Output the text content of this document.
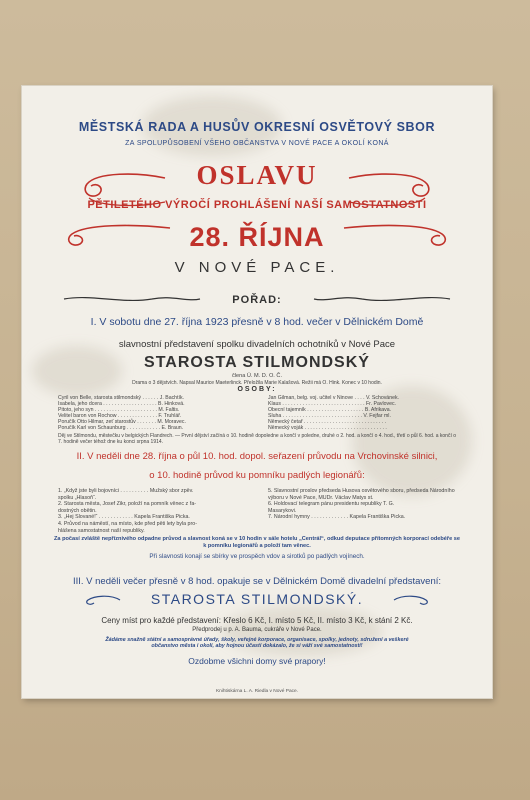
MĚSTSKÁ RADA A HUSŮV OKRESNÍ OSVĚTOVÝ SBOR
ZA SPOLUPŮSOBENÍ VŠEHO OBČANSTVA V NOVÉ PACE A OKOLÍ KONÁ
OSLAVU
PĚTILETÉHO VÝROČÍ PROHLÁŠENÍ NAŠÍ SAMOSTATNOSTI
28. ŘÍJNA
V NOVÉ PACE.
POŘAD:
I. V sobotu dne 27. října 1923 přesně v 8 hod. večer v Dělnickém Domě
slavnostní představení spolku divadelních ochotníků v Nové Pace
STAROSTA STILMONDSKÝ
člena Ú. M. D. O. Č.
Drama o 3 dějstvích. Napsal Maurice Maeterlinck. Přeložila Marie Kalašová. Režii má O. Hink. Konec v 10 hodin.
OSOBY:
Cyril von Belle, starosta stilmondský . . . . . . J. Bachtík.
Isabela, jeho dcera . . . . . . . . . . . . . . . . . . . B. Hinková.
Pitoto, jeho syn . . . . . . . . . . . . . . . . . . . . . . M. Faltis.
Velitel baron von Rochow . . . . . . . . . . . . . . F. Truhlář.
Poručík Otto Hilmar, zeť starostův . . . . . . . M. Moravec.
Poručík Karl von Schaunburg . . . . . . . . . . . . E. Braun.
Jan Gilman, belg. voj. učitel v Ninove . . . . V. Schovánek.
Klaus . . . . . . . . . . . . . . . . . . . . . . . . . . . . . Fr. Pavlovec.
Obecní tajemník . . . . . . . . . . . . . . . . . . . . B. Afrikava.
Sluha . . . . . . . . . . . . . . . . . . . . . . . . . . . . V. Fejfar ml.
Německý četař . . . . . . . . . . . . . . . . . . . . . . . . . . . . .
Německý voják . . . . . . . . . . . . . . . . . . . . . . . . . . . . .
Děj ve Stilmondu, městečku v belgických Flandrech. — První dějství začíná o 10. hodině dopoledne a končí v poledne, druhé o 2. hod. a končí o 4. hod., třetí o půl 6. hod. a končí o 7. hodině večer téhož dne ku konci srpna 1914.
II. V neděli dne 28. října o půl 10. hod. dopol. seřazení průvodu na Vrchovinské silnici,
o 10. hodině průvod ku pomníku padlých legionářů:
1. „Když jste byli bojovníci . . . . . . . . . . Mužský sbor zpěv.
spolku „Hlasoň“.
2. Starosta města, Josef Zikr, položí na pomník věnec z řa-
dostných obětin.
3. „Hej Slované!“ . . . . . . . . . . . . Kapela Františka Picka.
4. Průvod na náměstí, na místo, kde před pěti lety byla pro-
hlášena samostatnost naší republiky.
5. Slavnostní proslov předseda Husova osvětového sboru, předseda Národního
výboru v Nové Pace, MUDr. Václav Matys st.
6. Holdovací telegram pánu presidentu republiky T. G.
Masarykovi.
7. Národní hymny . . . . . . . . . . . . . Kapela Františka Picka.
Za počasí zvláště nepříznivého odpadne průvod a slavnost koná se v 10 hodin v sále hotelu „Centrál“, odkud deputace přítomných korporací odebéře se k pomníku legionářů a položí tam věnec.
Při slavnosti konají se sbírky ve prospěch vdov a sirotků po padlých vojínech.
III. V neděli večer přesně v 8 hod. opakuje se v Dělnickém Domě divadelní představení:
STAROSTA STILMONDSKÝ.
Ceny míst pro každé představení: Křeslo 6 Kč, I. místo 5 Kč, II. místo 3 Kč, k stání 2 Kč.
Předprodej u p. A. Bauma, cukráře v Nové Pace.
Žádáme snažně státní a samosprávné úřady, školy, veřejné korporace, organisace, spolky, jednoty, sdružení a veškeré
občanstvo města i okolí, aby hojnou účastí dokázalo, že si váží své samostatnosti!
Ozdobme všichni domy své prapory!
Knihtiskárna L. A. Riedla v Nové Pace.
